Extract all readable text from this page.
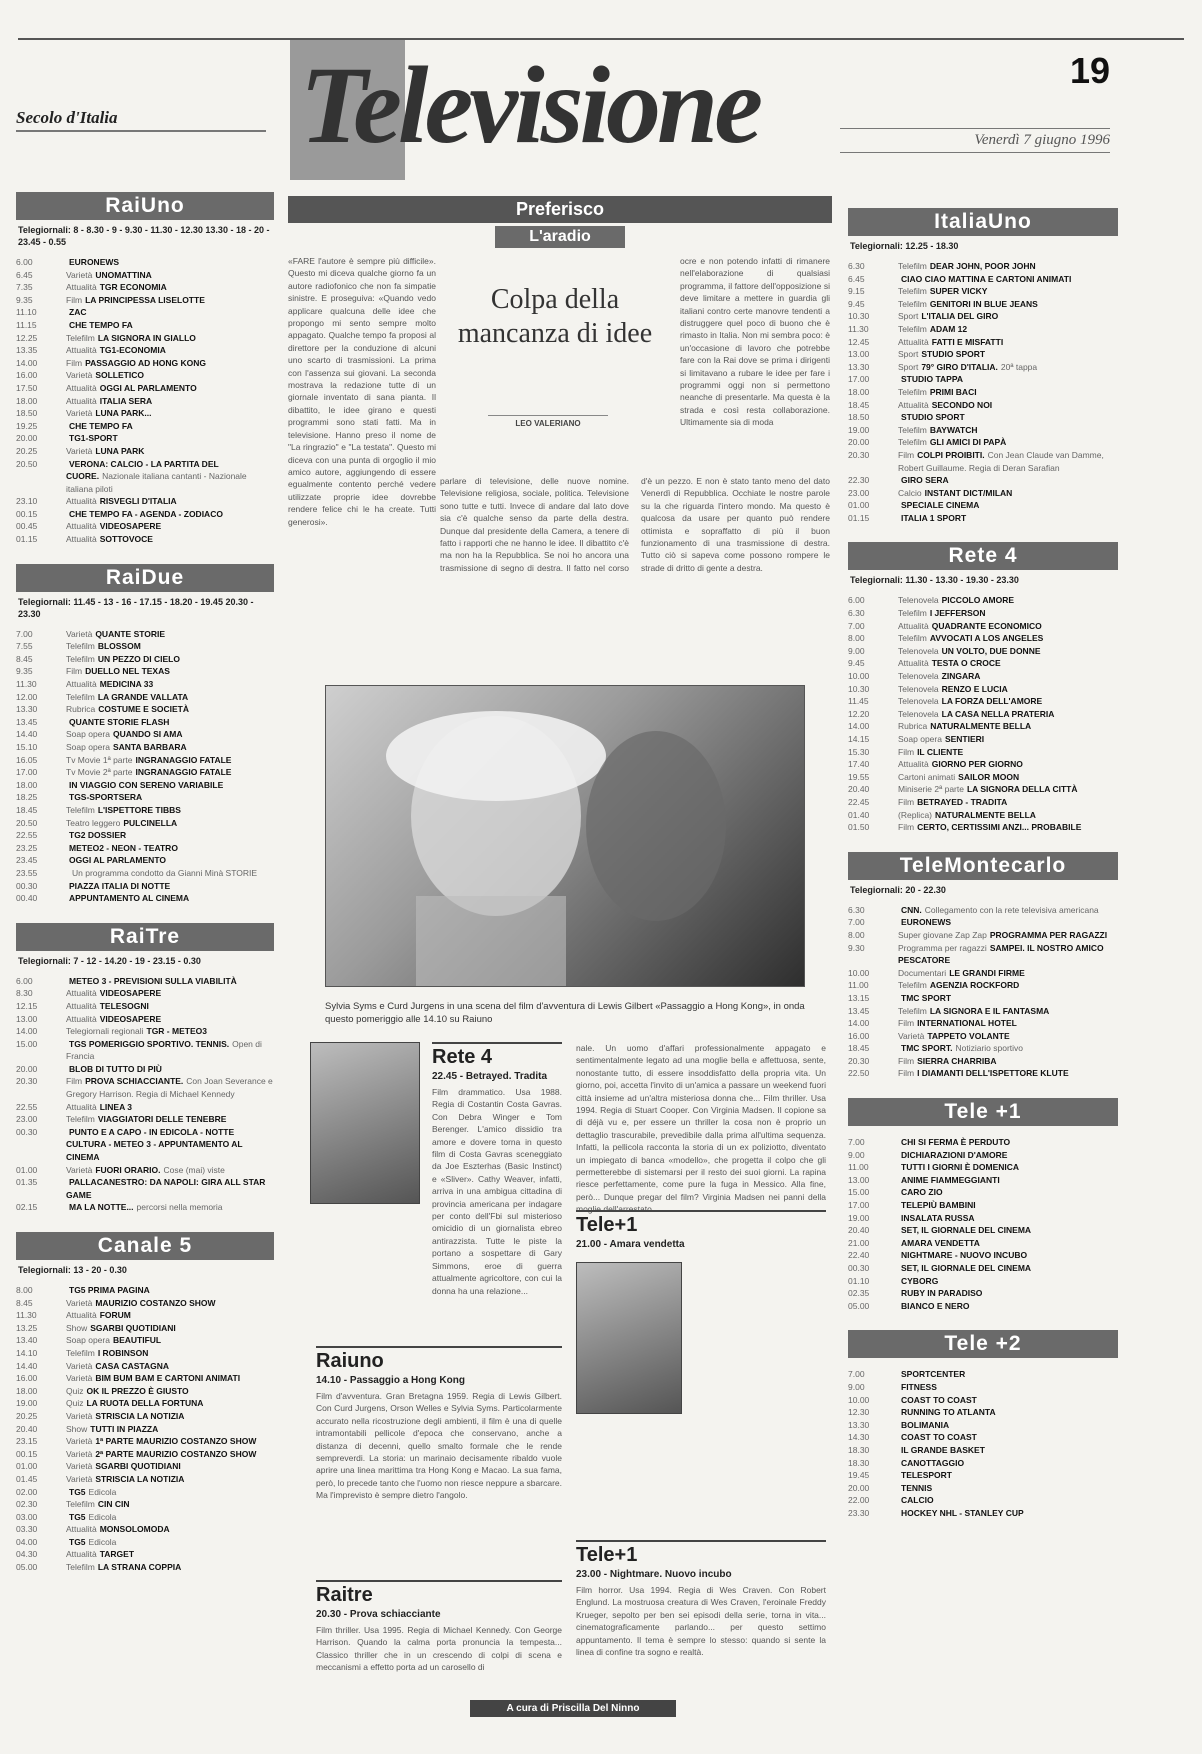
19
Secolo d'Italia Televisione	Venerdì 7 giugno 1996
RaiUno
Telegiornali: 8 - 8.30 - 9 - 9.30 - 11.30 - 12.30 13.30 - 18 - 20 - 23.45 - 0.55
6.00	EURONEWS
6.45	Varietà UNOMATTINA
7.35	Attualità TGR ECONOMIA
9.35	Film LA PRINCIPESSA LISELOTTE
11.10	ZAC
11.15	CHE TEMPO FA
12.25	Telefilm LA SIGNORA IN GIALLO
13.35	Attualità TG1-ECONOMIA
14.00	Film PASSAGGIO AD HONG KONG
16.00	Varietà SOLLETICO
17.50	Attualità OGGI AL PARLAMENTO
18.00	Attualità ITALIA SERA
18.50	Varietà LUNA PARK...
19.25	CHE TEMPO FA
20.00	TG1-SPORT
20.25	Varietà LUNA PARK
20.50	VERONA: CALCIO - LA PARTITA DEL CUORE. Nazionale italiana cantanti - Nazionale italiana piloti
23.10	Attualità RISVEGLI D'ITALIA
00.15	CHE TEMPO FA - AGENDA - ZODIACO
00.45	Attualità VIDEOSAPERE
01.15	Attualità SOTTOVOCE
RaiDue
Telegiornali: 11.45 - 13 - 16 - 17.15 - 18.20 - 19.45 20.30 - 23.30
7.00	Varietà QUANTE STORIE
7.55	Telefilm BLOSSOM
8.45	Telefilm UN PEZZO DI CIELO
9.35	Film DUELLO NEL TEXAS
11.30	Attualità MEDICINA 33
12.00	Telefilm LA GRANDE VALLATA
13.30	Rubrica COSTUME E SOCIETÀ
13.45	QUANTE STORIE FLASH
14.40	Soap opera QUANDO SI AMA
15.10	Soap opera SANTA BARBARA
16.05	Tv Movie 1ª parte INGRANAGGIO FATALE
17.00	Tv Movie 2ª parte INGRANAGGIO FATALE
18.00	IN VIAGGIO CON SERENO VARIABILE
18.25	TGS-SPORTSERA
18.45	Telefilm L'ISPETTORE TIBBS
20.50	Teatro leggero PULCINELLA
22.55	TG2 DOSSIER
23.25	METEO2 - NEON - TEATRO
23.45	OGGI AL PARLAMENTO
23.55	Un programma condotto da Gianni Minà STORIE
00.30	PIAZZA ITALIA DI NOTTE
00.40	APPUNTAMENTO AL CINEMA
RaiTre
Telegiornali: 7 - 12 - 14.20 - 19 - 23.15 - 0.30
6.00	METEO 3 - PREVISIONI SULLA VIABILITÀ
8.30	Attualità VIDEOSAPERE
12.15	Attualità TELESOGNI
13.00	Attualità VIDEOSAPERE
14.00	Telegiornali regionali TGR - METEO3
15.00	TGS POMERIGGIO SPORTIVO. TENNIS. Open di Francia
20.00	BLOB DI TUTTO DI PIÙ
20.30	Film PROVA SCHIACCIANTE. Con Joan Severance e Gregory Harrison. Regia di Michael Kennedy
22.55	Attualità LINEA 3
23.00	Telefilm VIAGGIATORI DELLE TENEBRE
00.30	PUNTO E A CAPO - IN EDICOLA - NOTTE CULTURA - METEO 3 - APPUNTAMENTO AL CINEMA
01.00	Varietà FUORI ORARIO. Cose (mai) viste
01.35	PALLACANESTRO: DA NAPOLI: GIRA ALL STAR GAME
02.15	MA LA NOTTE... percorsi nella memoria
Canale 5
Telegiornali: 13 - 20 - 0.30
8.00	TG5 PRIMA PAGINA
8.45	Varietà MAURIZIO COSTANZO SHOW
11.30	Attualità FORUM
13.25	Show SGARBI QUOTIDIANI
13.40	Soap opera BEAUTIFUL
14.10	Telefilm I ROBINSON
14.40	Varietà CASA CASTAGNA
16.00	Varietà BIM BUM BAM E CARTONI ANIMATI
18.00	Quiz OK IL PREZZO È GIUSTO
19.00	Quiz LA RUOTA DELLA FORTUNA
20.25	Varietà STRISCIA LA NOTIZIA
20.40	Show TUTTI IN PIAZZA
23.15	Varietà 1ª PARTE MAURIZIO COSTANZO SHOW
00.15	Varietà 2ª PARTE MAURIZIO COSTANZO SHOW
01.00	Varietà SGARBI QUOTIDIANI
01.45	Varietà STRISCIA LA NOTIZIA
02.00	TG5 Edicola
02.30	Telefilm CIN CIN
03.00	TG5 Edicola
03.30	Attualità MONSOLOMODA
04.00	TG5 Edicola
04.30	Attualità TARGET
05.00	Telefilm LA STRANA COPPIA
ItaliaUno
Telegiornali: 12.25 - 18.30
6.30	Telefilm DEAR JOHN, POOR JOHN
6.45	CIAO CIAO MATTINA E CARTONI ANIMATI
9.15	Telefilm SUPER VICKY
9.45	Telefilm GENITORI IN BLUE JEANS
10.30	Sport L'ITALIA DEL GIRO
11.30	Telefilm ADAM 12
12.45	Attualità FATTI E MISFATTI
13.00	Sport STUDIO SPORT
13.30	Sport 79° GIRO D'ITALIA. 20ª tappa
17.00	STUDIO TAPPA
18.00	Telefilm PRIMI BACI
18.45	Attualità SECONDO NOI
18.50	STUDIO SPORT
19.00	Telefilm BAYWATCH
20.00	Telefilm GLI AMICI DI PAPÀ
20.30	Film COLPI PROIBITI. Con Jean Claude van Damme, Robert Guillaume. Regia di Deran Sarafian
22.30	GIRO SERA
23.00	Calcio INSTANT DICT/MILAN
01.00	SPECIALE CINEMA
01.15	ITALIA 1 SPORT
Rete 4
Telegiornali: 11.30 - 13.30 - 19.30 - 23.30
6.00	Telenovela PICCOLO AMORE
6.30	Telefilm I JEFFERSON
7.00	Attualità QUADRANTE ECONOMICO
8.00	Telefilm AVVOCATI A LOS ANGELES
9.00	Telenovela UN VOLTO, DUE DONNE
9.45	Attualità TESTA O CROCE
10.00	Telenovela ZINGARA
10.30	Telenovela RENZO E LUCIA
11.45	Telenovela LA FORZA DELL'AMORE
12.20	Telenovela LA CASA NELLA PRATERIA
14.00	Rubrica NATURALMENTE BELLA
14.15	Soap opera SENTIERI
15.30	Film IL CLIENTE
17.40	Attualità GIORNO PER GIORNO
19.55	Cartoni animati SAILOR MOON
20.40	Miniserie 2ª parte LA SIGNORA DELLA CITTÀ
22.45	Film BETRAYED - TRADITA
01.40	(Replica) NATURALMENTE BELLA
01.50	Film CERTO, CERTISSIMI ANZI... PROBABILE
TeleMontecarlo
Telegiornali: 20 - 22.30
6.30	CNN. Collegamento con la rete televisiva americana
7.00	EURONEWS
8.00	Super giovane Zap Zap PROGRAMMA PER RAGAZZI
9.30	Programma per ragazzi SAMPEI. IL NOSTRO AMICO PESCATORE
10.00	Documentari LE GRANDI FIRME
11.00	Telefilm AGENZIA ROCKFORD
13.15	TMC SPORT
13.45	Telefilm LA SIGNORA E IL FANTASMA
14.00	Film INTERNATIONAL HOTEL
16.00	Varietà TAPPETO VOLANTE
18.45	TMC SPORT. Notiziario sportivo
20.30	Film SIERRA CHARRIBA
22.50	Film I DIAMANTI DELL'ISPETTORE KLUTE
Tele +1
7.00	CHI SI FERMA È PERDUTO
9.00	DICHIARAZIONI D'AMORE
11.00	TUTTI I GIORNI È DOMENICA
13.00	ANIME FIAMMEGGIANTI
15.00	CARO ZIO
17.00	TELEPIÙ BAMBINI
19.00	INSALATA RUSSA
20.40	SET, IL GIORNALE DEL CINEMA
21.00	AMARA VENDETTA
22.40	NIGHTMARE - NUOVO INCUBO
00.30	SET, IL GIORNALE DEL CINEMA
01.10	CYBORG
02.35	RUBY IN PARADISO
05.00	BIANCO E NERO
Tele +2
7.00	SPORTCENTER
9.00	FITNESS
10.00	COAST TO COAST
12.30	RUNNING TO ATLANTA
13.30	BOLIMANIA
14.30	COAST TO COAST
18.30	IL GRANDE BASKET
18.30	CANOTTAGGIO
19.45	TELESPORT
20.00	TENNIS
22.00	CALCIO
23.30	HOCKEY NHL - STANLEY CUP
Preferisco
L'aradio
«FARE l'autore è sempre più difficile». Questo mi diceva qualche giorno fa un autore radiofonico che non fa simpatie sinistre. E proseguiva: «Quando vedo applicare qualcuna delle idee che propongo mi sento sempre molto appagato. Qualche tempo fa proposi al direttore per la conduzione di alcuni uno scarto di trasmissioni. La prima con l'assenza sui giovani. La seconda mostrava la redazione tutte di un giornale inventato di sana pianta. Il dibattito, le idee girano e questi programmi sono stati fatti. Ma in televisione. Hanno preso il nome de "La ringrazio" e "La testata". Questo mi diceva con una punta di orgoglio il mio amico autore, aggiungendo di essere egualmente contento perché vedere utilizzate proprie idee dovrebbe rendere felice chi le ha create. Tutti generosi».
Colpa della mancanza di idee
LEO VALERIANO
ocre e non potendo infatti di rimanere nell'elaborazione di qualsiasi programma, il fattore dell'opposizione si deve limitare a mettere in guardia gli italiani contro certe manovre tendenti a distruggere quel poco di buono che è rimasto in Italia. Non mi sembra poco: è un'occasione di lavoro che potrebbe fare con la Rai dove se prima i dirigenti si limitavano a rubare le idee per fare i programmi oggi non si permettono neanche di presentarle. Ma questa è la strada e così resta collaborazione. Ultimamente sia di moda
parlare di televisione, delle nuove nomine. Televisione religiosa, sociale, politica. Televisione sono tutte e tutti. Invece di andare dal lato dove sia c'è qualche senso da parte della destra. Dunque dal presidente della Camera, a tenere di fatto i rapporti che ne hanno le idee. Il dibattito c'è ma non ha la Repubblica. Se noi ho ancora una trasmissione di segno di destra. Il fatto nel corso d'è un pezzo. E non è stato tanto meno del dato Venerdì di Repubblica. Occhiate le nostre parole su la che riguarda l'intero mondo. Ma questo è qualcosa da usare per quanto può rendere ottimista e sopraffatto di più il buon funzionamento di una trasmissione di destra. Tutto ciò si sapeva come possono rompere le strade di dritto di gente a destra.
Sylvia Syms e Curd Jurgens in una scena del film d'avventura di Lewis Gilbert «Passaggio a Hong Kong», in onda questo pomeriggio alle 14.10 su Raiuno
Rete 4
22.45 - Betrayed. Tradita
Film drammatico. Usa 1988. Regia di Costantin Costa Gavras. Con Debra Winger e Tom Berenger. L'amico dissidio tra amore e dovere torna in questo film di Costa Gavras sceneggiato da Joe Eszterhas (Basic Instinct) e «Sliver». Cathy Weaver, infatti, arriva in una ambigua cittadina di provincia americana per indagare per conto dell'Fbi sul misterioso omicidio di un giornalista ebreo antirazzista. Tutte le piste la portano a sospettare di Gary Simmons, eroe di guerra attualmente agricoltore, con cui la donna ha una relazione...
Raiuno
14.10 - Passaggio a Hong Kong
Film d'avventura. Gran Bretagna 1959. Regia di Lewis Gilbert. Con Curd Jurgens, Orson Welles e Sylvia Syms. Particolarmente accurato nella ricostruzione degli ambienti, il film è una di quelle intramontabili pellicole d'epoca che conservano, anche a distanza di decenni, quello smalto formale che le rende sempreverdi. La storia: un marinaio decisamente ribaldo vuole aprire una linea marittima tra Hong Kong e Macao. La sua fama, però, lo precede tanto che l'uomo non riesce neppure a sbarcare. Ma l'imprevisto è sempre dietro l'angolo.
Raitre
20.30 - Prova schiacciante
Film thriller. Usa 1995. Regia di Michael Kennedy. Con George Harrison. Quando la calma porta pronuncia la tempesta... Classico thriller che in un crescendo di colpi di scena e meccanismi a effetto porta ad un carosello di
nale. Un uomo d'affari professionalmente appagato e sentimentalmente legato ad una moglie bella e affettuosa, sente, nonostante tutto, di essere insoddisfatto della propria vita. Un giorno, poi, accetta l'invito di un'amica a passare un weekend fuori città insieme ad un'altra misteriosa donna che... Film thriller. Usa 1994. Regia di Stuart Cooper. Con Virginia Madsen. Il copione sa di déjà vu e, per essere un thriller la cosa non è proprio un dettaglio trascurabile, prevedibile dalla prima all'ultima sequenza. Infatti, la pellicola racconta la storia di un ex poliziotto, diventato un impiegato di banca «modello», che progetta il colpo che gli permetterebbe di sistemarsi per il resto dei suoi giorni. La rapina riesce perfettamente, come pure la fuga in Messico. Alla fine, però... Dunque pregar del film? Virginia Madsen nei panni della moglie dell'arrestato.
Tele+1
21.00 - Amara vendetta
Tele+1
23.00 - Nightmare. Nuovo incubo
Film horror. Usa 1994. Regia di Wes Craven. Con Robert Englund. La mostruosa creatura di Wes Craven, l'eroinale Freddy Krueger, sepolto per ben sei episodi della serie, torna in vita... cinematograficamente parlando... per questo settimo appuntamento. Il tema è sempre lo stesso: quando si sente la linea di confine tra sogno e realtà.
A cura di Priscilla Del Ninno
